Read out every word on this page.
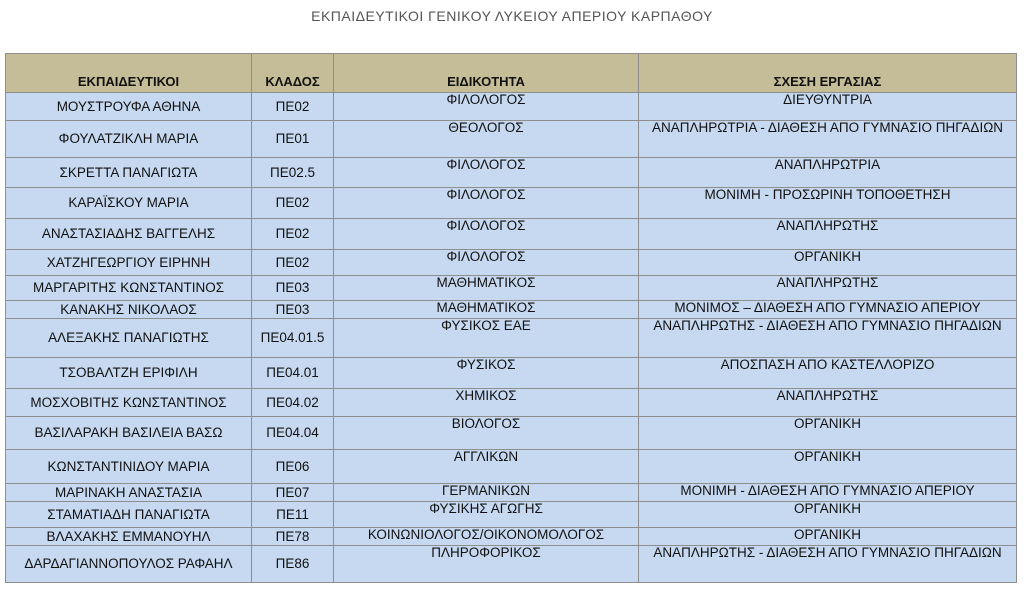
ΕΚΠΑΙΔΕΥΤΙΚΟΙ ΓΕΝΙΚΟΥ ΛΥΚΕΙΟΥ ΑΠΕΡΙΟΥ ΚΑΡΠΑΘΟΥ
ΕΚΠΑΙΔΕΥΤΙΚΟΙ	ΚΛΑΔΟΣ	ΕΙΔΙΚΟΤΗΤΑ	ΣΧΕΣΗ ΕΡΓΑΣΙΑΣ
ΜΟΥΣΤΡΟΥΦΑ ΑΘΗΝΑ	ΠΕ02	ΦΙΛΟΛΟΓΟΣ	ΔΙΕΥΘΥΝΤΡΙΑ
ΦΟΥΛΑΤΖΙΚΛΗ ΜΑΡΙΑ	ΠΕ01	ΘΕΟΛΟΓΟΣ	ΑΝΑΠΛΗΡΩΤΡΙΑ - ΔΙΑΘΕΣΗ ΑΠΟ ΓΥΜΝΑΣΙΟ ΠΗΓΑΔΙΩΝ
ΣΚΡΕΤΤΑ ΠΑΝΑΓΙΩΤΑ	ΠΕ02.5	ΦΙΛΟΛΟΓΟΣ	ΑΝΑΠΛΗΡΩΤΡΙΑ
ΚΑΡΑΪΣΚΟΥ ΜΑΡΙΑ	ΠΕ02	ΦΙΛΟΛΟΓΟΣ	ΜΟΝΙΜΗ - ΠΡΟΣΩΡΙΝΗ ΤΟΠΟΘΕΤΗΣΗ
ΑΝΑΣΤΑΣΙΑΔΗΣ ΒΑΓΓΕΛΗΣ	ΠΕ02	ΦΙΛΟΛΟΓΟΣ	ΑΝΑΠΛΗΡΩΤΗΣ
ΧΑΤΖΗΓΕΩΡΓΙΟΥ ΕΙΡΗΝΗ	ΠΕ02	ΦΙΛΟΛΟΓΟΣ	ΟΡΓΑΝΙΚΗ
ΜΑΡΓΑΡΙΤΗΣ ΚΩΝΣΤΑΝΤΙΝΟΣ	ΠΕ03	ΜΑΘΗΜΑΤΙΚΟΣ	ΑΝΑΠΛΗΡΩΤΗΣ
ΚΑΝΑΚΗΣ ΝΙΚΟΛΑΟΣ	ΠΕ03	ΜΑΘΗΜΑΤΙΚΟΣ	ΜΟΝΙΜΟΣ – ΔΙΑΘΕΣΗ ΑΠΟ ΓΥΜΝΑΣΙΟ ΑΠΕΡΙΟΥ
ΑΛΕΞΑΚΗΣ ΠΑΝΑΓΙΩΤΗΣ	ΠΕ04.01.5	ΦΥΣΙΚΟΣ ΕΑΕ	ΑΝΑΠΛΗΡΩΤΗΣ - ΔΙΑΘΕΣΗ ΑΠΟ ΓΥΜΝΑΣΙΟ ΠΗΓΑΔΙΩΝ
ΤΣΟΒΑΛΤΖΗ ΕΡΙΦΙΛΗ	ΠΕ04.01	ΦΥΣΙΚΟΣ	ΑΠΟΣΠΑΣΗ ΑΠΟ ΚΑΣΤΕΛΛΟΡΙΖΟ
ΜΟΣΧΟΒΙΤΗΣ ΚΩΝΣΤΑΝΤΙΝΟΣ	ΠΕ04.02	ΧΗΜΙΚΟΣ	ΑΝΑΠΛΗΡΩΤΗΣ
ΒΑΣΙΛΑΡΑΚΗ ΒΑΣΙΛΕΙΑ ΒΑΣΩ	ΠΕ04.04	ΒΙΟΛΟΓΟΣ	ΟΡΓΑΝΙΚΗ
ΚΩΝΣΤΑΝΤΙΝΙΔΟΥ ΜΑΡΙΑ	ΠΕ06	ΑΓΓΛΙΚΩΝ	ΟΡΓΑΝΙΚΗ
ΜΑΡΙΝΑΚΗ ΑΝΑΣΤΑΣΙΑ	ΠΕ07	ΓΕΡΜΑΝΙΚΩΝ	ΜΟΝΙΜΗ - ΔΙΑΘΕΣΗ ΑΠΟ ΓΥΜΝΑΣΙΟ ΑΠΕΡΙΟΥ
ΣΤΑΜΑΤΙΑΔΗ ΠΑΝΑΓΙΩΤΑ	ΠΕ11	ΦΥΣΙΚΗΣ ΑΓΩΓΗΣ	ΟΡΓΑΝΙΚΗ
ΒΛΑΧΑΚΗΣ ΕΜΜΑΝΟΥΗΛ	ΠΕ78	ΚΟΙΝΩΝΙΟΛΟΓΟΣ/ΟΙΚΟΝΟΜΟΛΟΓΟΣ	ΟΡΓΑΝΙΚΗ
ΔΑΡΔΑΓΙΑΝΝΟΠΟΥΛΟΣ ΡΑΦΑΗΛ	ΠΕ86	ΠΛΗΡΟΦΟΡΙΚΟΣ	ΑΝΑΠΛΗΡΩΤΗΣ - ΔΙΑΘΕΣΗ ΑΠΟ ΓΥΜΝΑΣΙΟ ΠΗΓΑΔΙΩΝ
